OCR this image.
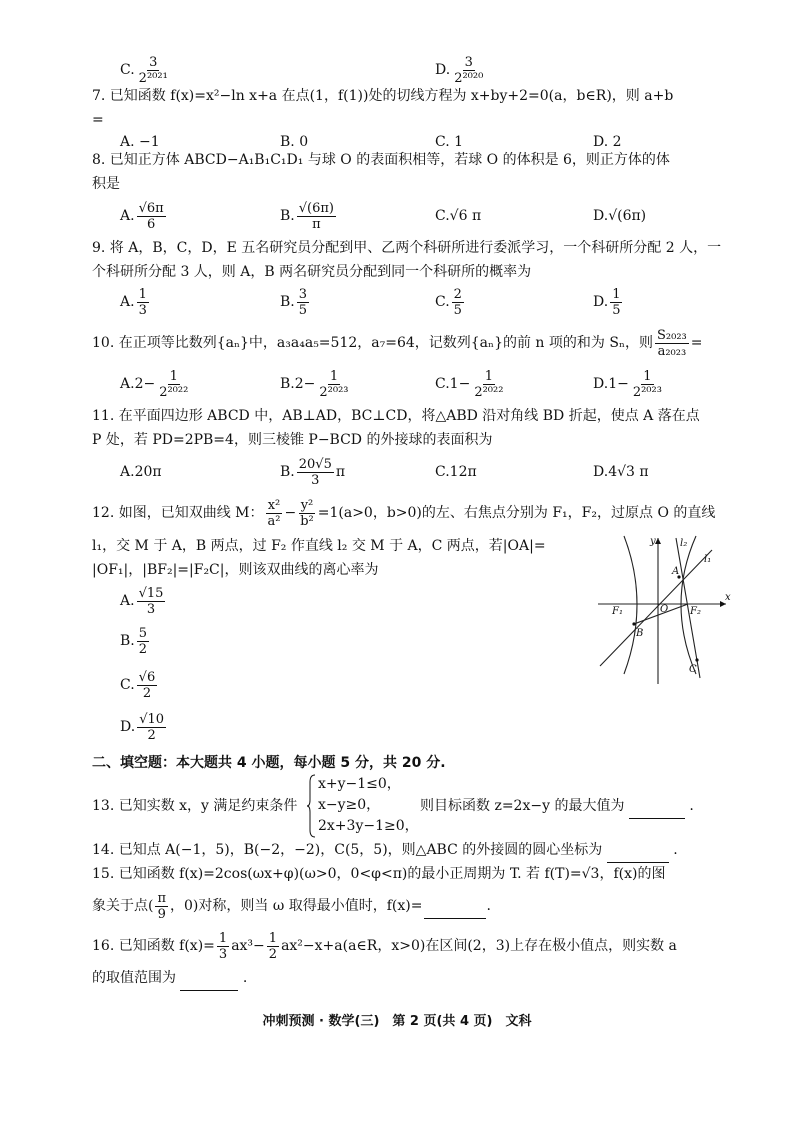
C. $\frac{3}{\text{2²⁰²¹}}$	D. $\frac{3}{\text{2²⁰²⁰}}$
7. 已知函数 f(x)=x²−ln x+a 在点(1，f(1))处的切线方程为 x+by+2=0(a，b∈R)，则 a+b
=
A. −1	B. 0	C. 1	D. 2
8. 已知正方体 ABCD−A₁B₁C₁D₁ 与球 O 的表面积相等，若球 O 的体积是 6，则正方体的体
积是
A. $\frac{√6\pi}{6}$	B. $\frac{√(6\pi)}{\pi}$	C. √6 π	D. √(6π)
9. 将 A，B，C，D，E 五名研究员分配到甲、乙两个科研所进行委派学习，一个科研所分配 2 人，一
个科研所分配 3 人，则 A，B 两名研究员分配到同一个科研所的概率为
A. $\frac{1}{3}$	B. $\frac{3}{5}$	C. $\frac{2}{5}$	D. $\frac{1}{5}$
10. 在正项等比数列{aₙ}中，a₃a₄a₅=512，a₇=64，记数列{aₙ}的前 n 项的和为 Sₙ，则 $\frac{\text{S₂₀₂₃}}{\text{a₂₀₂₃}}$ =
A. $2- \frac{1}{\text{2²⁰²²}}$	B. $2- \frac{1}{\text{2²⁰²³}}$	C. $1- \frac{1}{\text{2²⁰²²}}$	D. $1- \frac{1}{\text{2²⁰²³}}$
11. 在平面四边形 ABCD 中，AB⊥AD，BC⊥CD，将△ABD 沿对角线 BD 折起，使点 A 落在点
P 处，若 PD=2PB=4，则三棱锥 P−BCD 的外接球的表面积为
A. 20π	B. $\frac{20√5}{3}$ π	C. 12π	D. 4√3 π
12. 如图，已知双曲线 M： $\frac{\text{x²}}{\text{a²}} - \frac{\text{y²}}{\text{b²}} =1(a>0$，b>0)的左、右焦点分别为 F₁，F₂，过原点 O 的直线
l₁，交 M 于 A，B 两点，过 F₂ 作直线 l₂ 交 M 于 A，C 两点，若|OA|=
|OF₁|，|BF₂|=|F₂C|，则该双曲线的离心率为
A. $\frac{√15}{3}$
B. $\frac{5}{2}$
C. $\frac{√6}{2}$
D. $\frac{√10}{2}$
y
x
l₂
l₁
A
O
F₁	F₂
B
C
二、填空题：本大题共 4 小题，每小题 5 分，共 20 分.
13. 已知实数 x，y 满足约束条件
x+y−1≤0，
x−y≥0，
2x+3y−1≥0，
则目标函数 z=2x−y 的最大值为	.
14. 已知点 A(−1，5)，B(−2，−2)，C(5，5)，则△ABC 的外接圆的圆心坐标为	.
15. 已知函数 f(x)=2cos(ωx+φ)(ω>0，0<φ<π)的最小正周期为 T. 若 f(T)=√3，f(x)的图
象关于点( $\frac{\pi}{9}$ ，0)对称，则当 ω 取得最小值时，f(x)=
	.
16. 已知函数 $f(x)= \frac{1}{3} ax^3- \frac{1}{2}$ ax²−x+a(a∈R，x>0)在区间(2，3)上存在极小值点，则实数 a
的取值范围为	.
冲刺预测 · 数学(三)　第 2 页(共 4 页)　文科
